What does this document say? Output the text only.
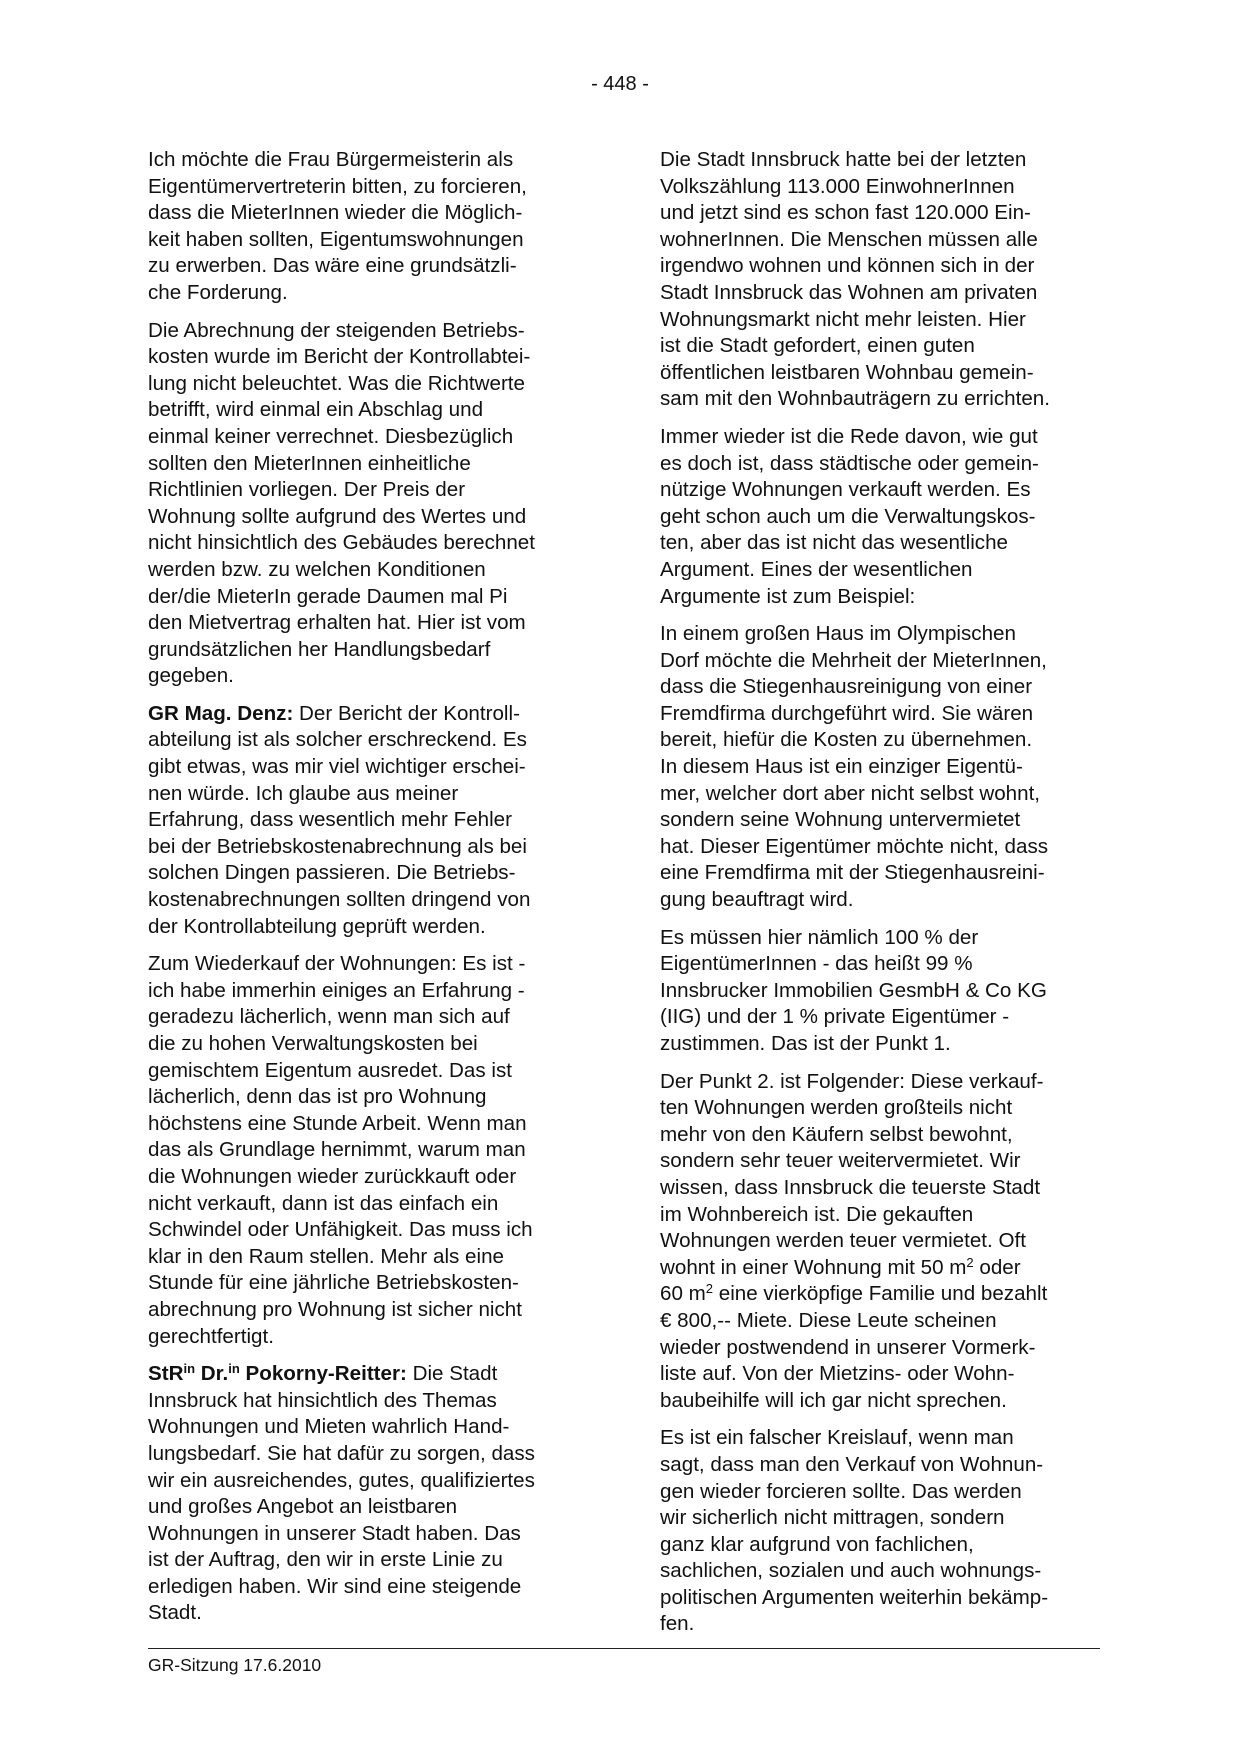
- 448 -

Ich möchte die Frau Bürgermeisterin als
Eigentümervertreterin bitten, zu forcieren,
dass die MieterInnen wieder die Möglich-
keit haben sollten, Eigentumswohnungen
zu erwerben. Das wäre eine grundsätzli-
che Forderung.

Die Abrechnung der steigenden Betriebs-
kosten wurde im Bericht der Kontrollabtei-
lung nicht beleuchtet. Was die Richtwerte
betrifft, wird einmal ein Abschlag und
einmal keiner verrechnet. Diesbezüglich
sollten den MieterInnen einheitliche
Richtlinien vorliegen. Der Preis der
Wohnung sollte aufgrund des Wertes und
nicht hinsichtlich des Gebäudes berechnet
werden bzw. zu welchen Konditionen
der/die MieterIn gerade Daumen mal Pi
den Mietvertrag erhalten hat. Hier ist vom
grundsätzlichen her Handlungsbedarf
gegeben.

GR Mag. Denz: Der Bericht der Kontroll-
abteilung ist als solcher erschreckend. Es
gibt etwas, was mir viel wichtiger erschei-
nen würde. Ich glaube aus meiner
Erfahrung, dass wesentlich mehr Fehler
bei der Betriebskostenabrechnung als bei
solchen Dingen passieren. Die Betriebs-
kostenabrechnungen sollten dringend von
der Kontrollabteilung geprüft werden.

Zum Wiederkauf der Wohnungen: Es ist -
ich habe immerhin einiges an Erfahrung -
geradezu lächerlich, wenn man sich auf
die zu hohen Verwaltungskosten bei
gemischtem Eigentum ausredet. Das ist
lächerlich, denn das ist pro Wohnung
höchstens eine Stunde Arbeit. Wenn man
das als Grundlage hernimmt, warum man
die Wohnungen wieder zurückkauft oder
nicht verkauft, dann ist das einfach ein
Schwindel oder Unfähigkeit. Das muss ich
klar in den Raum stellen. Mehr als eine
Stunde für eine jährliche Betriebskosten-
abrechnung pro Wohnung ist sicher nicht
gerechtfertigt.

StR$^{in}$ Dr.$^{in}$ Pokorny-Reitter: Die Stadt
Innsbruck hat hinsichtlich des Themas
Wohnungen und Mieten wahrlich Hand-
lungsbedarf. Sie hat dafür zu sorgen, dass
wir ein ausreichendes, gutes, qualifiziertes
und großes Angebot an leistbaren
Wohnungen in unserer Stadt haben. Das
ist der Auftrag, den wir in erste Linie zu
erledigen haben. Wir sind eine steigende
Stadt.

Die Stadt Innsbruck hatte bei der letzten
Volkszählung 113.000 EinwohnerInnen
und jetzt sind es schon fast 120.000 Ein-
wohnerInnen. Die Menschen müssen alle
irgendwo wohnen und können sich in der
Stadt Innsbruck das Wohnen am privaten
Wohnungsmarkt nicht mehr leisten. Hier
ist die Stadt gefordert, einen guten
öffentlichen leistbaren Wohnbau gemein-
sam mit den Wohnbauträgern zu errichten.

Immer wieder ist die Rede davon, wie gut
es doch ist, dass städtische oder gemein-
nützige Wohnungen verkauft werden. Es
geht schon auch um die Verwaltungskos-
ten, aber das ist nicht das wesentliche
Argument. Eines der wesentlichen
Argumente ist zum Beispiel:

In einem großen Haus im Olympischen
Dorf möchte die Mehrheit der MieterInnen,
dass die Stiegenhausreinigung von einer
Fremdfirma durchgeführt wird. Sie wären
bereit, hiefür die Kosten zu übernehmen.
In diesem Haus ist ein einziger Eigentü-
mer, welcher dort aber nicht selbst wohnt,
sondern seine Wohnung untervermietet
hat. Dieser Eigentümer möchte nicht, dass
eine Fremdfirma mit der Stiegenhausreini-
gung beauftragt wird.

Es müssen hier nämlich 100 % der
EigentümerInnen - das heißt 99 %
Innsbrucker Immobilien GesmbH & Co KG
(IIG) und der 1 % private Eigentümer -
zustimmen. Das ist der Punkt 1.

Der Punkt 2. ist Folgender: Diese verkauf-
ten Wohnungen werden großteils nicht
mehr von den Käufern selbst bewohnt,
sondern sehr teuer weitervermietet. Wir
wissen, dass Innsbruck die teuerste Stadt
im Wohnbereich ist. Die gekauften
Wohnungen werden teuer vermietet. Oft
wohnt in einer Wohnung mit 50 $m^2$ oder
60 $m^2$ eine vierköpfige Familie und bezahlt
€ 800,-- Miete. Diese Leute scheinen
wieder postwendend in unserer Vormerk-
liste auf. Von der Mietzins- oder Wohn-
baubeihilfe will ich gar nicht sprechen.

Es ist ein falscher Kreislauf, wenn man
sagt, dass man den Verkauf von Wohnun-
gen wieder forcieren sollte. Das werden
wir sicherlich nicht mittragen, sondern
ganz klar aufgrund von fachlichen,
sachlichen, sozialen und auch wohnungs-
politischen Argumenten weiterhin bekämp-
fen.

GR-Sitzung 17.6.2010
